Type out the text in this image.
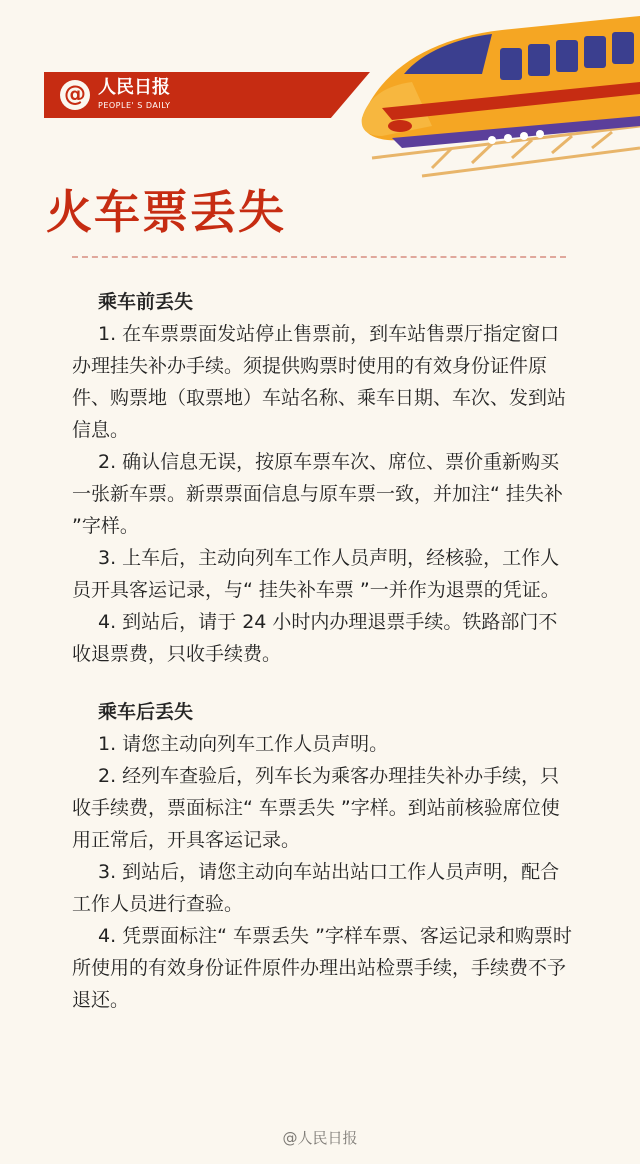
@ 人民日报
PEOPLE' S DAILY
火车票丢失

乘车前丢失

1. 在车票票面发站停止售票前，到车站售票厅指定窗口办理挂失补办手续。须提供购票时使用的有效身份证件原件、购票地（取票地）车站名称、乘车日期、车次、发到站信息。

2. 确认信息无误，按原车票车次、席位、票价重新购买一张新车票。新票票面信息与原车票一致，并加注“ 挂失补 ”字样。

3. 上车后，主动向列车工作人员声明，经核验，工作人员开具客运记录，与“ 挂失补车票 ”一并作为退票的凭证。

4. 到站后，请于 24 小时内办理退票手续。铁路部门不收退票费，只收手续费。

乘车后丢失

1. 请您主动向列车工作人员声明。

2. 经列车查验后，列车长为乘客办理挂失补办手续，只收手续费，票面标注“ 车票丢失 ”字样。到站前核验席位使用正常后，开具客运记录。

3. 到站后，请您主动向车站出站口工作人员声明，配合工作人员进行查验。

4. 凭票面标注“ 车票丢失 ”字样车票、客运记录和购票时所使用的有效身份证件原件办理出站检票手续，手续费不予退还。

@人民日报
